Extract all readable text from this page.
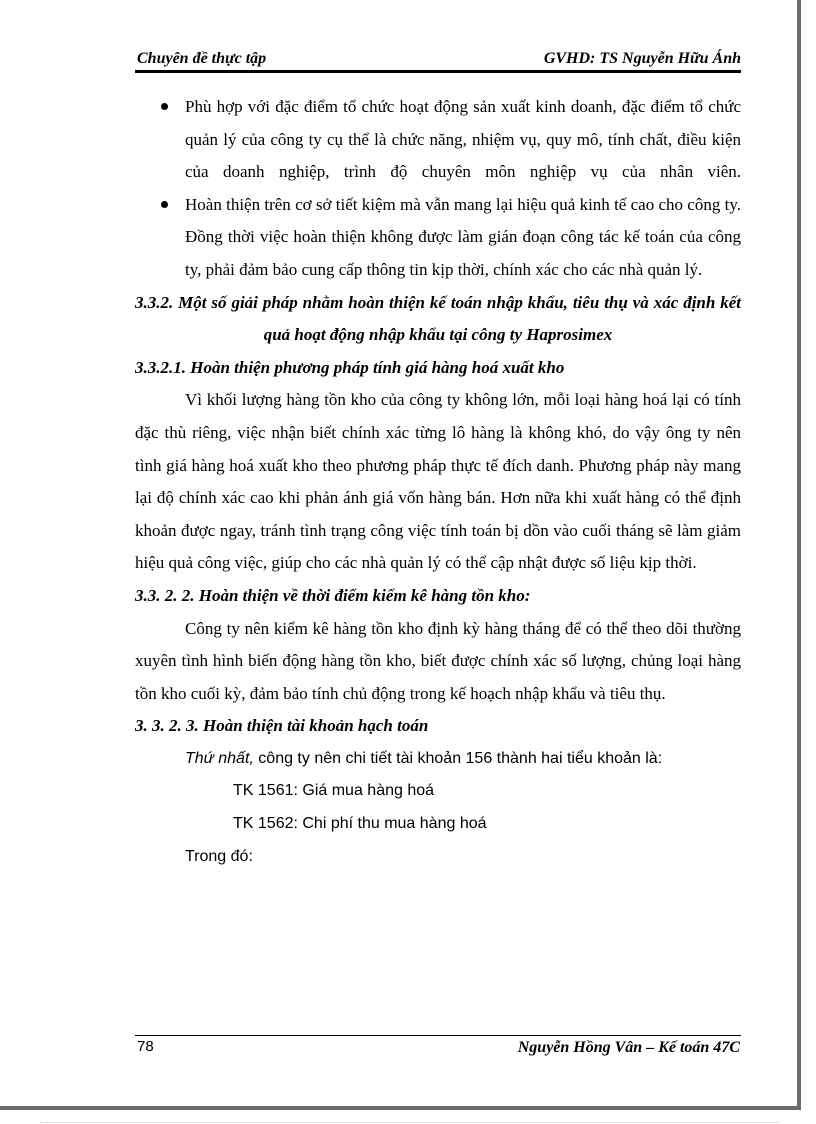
Chuyên đề thực tập	GVHD: TS Nguyễn Hữu Ánh
Phù hợp với đặc điểm tổ chức hoạt động sản xuất kinh doanh, đặc điểm tổ chức quản lý của công ty cụ thể là chức năng, nhiệm vụ, quy mô, tính chất, điều kiện của doanh nghiệp, trình độ chuyên môn nghiệp vụ của nhân viên.
Hoàn thiện trên cơ sở tiết kiệm mà vẫn mang lại hiệu quả kinh tế cao cho công ty. Đồng thời việc hoàn thiện không được làm gián đoạn công tác kế toán của công ty, phải đảm bảo cung cấp thông tin kịp thời, chính xác cho các nhà quản lý.
3.3.2. Một số giải pháp nhằm hoàn thiện kế toán nhập khẩu, tiêu thụ và xác định kết quả hoạt động nhập khẩu tại công ty Haprosimex
3.3.2.1. Hoàn thiện phương pháp tính giá hàng hoá xuất kho
Vì khối lượng hàng tồn kho của công ty không lớn, mỗi loại hàng hoá lại có tính đặc thù riêng, việc nhận biết chính xác từng lô hàng là không khó, do vậy ông ty nên tình giá hàng hoá xuất kho theo phương pháp thực tế đích danh. Phương pháp này mang lại độ chính xác cao khi phản ánh giá vốn hàng bán. Hơn nữa khi xuất hàng có thể định khoản được ngay, tránh tình trạng công việc tính toán bị dồn vào cuối tháng sẽ làm giảm hiệu quả công việc, giúp cho các nhà quản lý có thể cập nhật được số liệu kịp thời.
3.3. 2. 2. Hoàn thiện về thời điểm kiểm kê hàng tồn kho:
Công ty nên kiểm kê hàng tồn kho định kỳ hàng tháng để có thể theo dõi thường xuyên tình hình biến động hàng tồn kho, biết được chính xác số lượng, chủng loại hàng tồn kho cuối kỳ, đảm bảo tính chủ động trong kế hoạch nhập khẩu và tiêu thụ.
3. 3. 2. 3. Hoàn thiện tài khoản hạch toán
Thứ nhất, công ty nên chi tiết tài khoản 156 thành hai tiểu khoản là:
TK 1561: Giá mua hàng hoá
TK 1562: Chi phí thu mua hàng hoá
Trong đó:
78	Nguyễn Hồng Vân – Kế toán 47C
